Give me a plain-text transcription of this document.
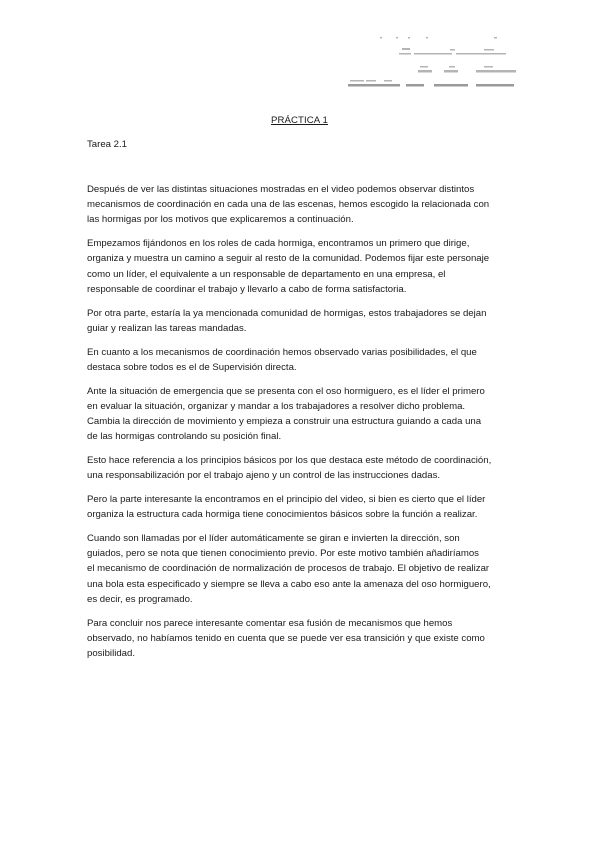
PRÁCTICA 1
Tarea 2.1

Después de ver las distintas situaciones mostradas en el video podemos observar distintos
mecanismos de coordinación en cada una de las escenas, hemos escogido la relacionada con
las hormigas por los motivos que explicaremos a continuación.

Empezamos fijándonos en los roles de cada hormiga, encontramos un primero que dirige,
organiza y muestra un camino a seguir al resto de la comunidad. Podemos fijar este personaje
como un líder, el equivalente a un responsable de departamento en una empresa, el
responsable de coordinar el trabajo y llevarlo a cabo de forma satisfactoria.

Por otra parte, estaría la ya mencionada comunidad de hormigas, estos trabajadores se dejan
guiar y realizan las tareas mandadas.

En cuanto a los mecanismos de coordinación hemos observado varias posibilidades, el que
destaca sobre todos es el de Supervisión directa.

Ante la situación de emergencia que se presenta con el oso hormiguero, es el líder el primero
en evaluar la situación, organizar y mandar a los trabajadores a resolver dicho problema.
Cambia la dirección de movimiento y empieza a construir una estructura guiando a cada una
de las hormigas controlando su posición final.

Esto hace referencia a los principios básicos por los que destaca este método de coordinación,
una responsabilización por el trabajo ajeno y un control de las instrucciones dadas.

Pero la parte interesante la encontramos en el principio del video, si bien es cierto que el líder
organiza la estructura cada hormiga tiene conocimientos básicos sobre la función a realizar.

Cuando son llamadas por el líder automáticamente se giran e invierten la dirección, son
guiados, pero se nota que tienen conocimiento previo. Por este motivo también añadiríamos
el mecanismo de coordinación de normalización de procesos de trabajo. El objetivo de realizar
una bola esta especificado y siempre se lleva a cabo eso ante la amenaza del oso hormiguero,
es decir, es programado.

Para concluir nos parece interesante comentar esa fusión de mecanismos que hemos
observado, no habíamos tenido en cuenta que se puede ver esa transición y que existe como
posibilidad.
